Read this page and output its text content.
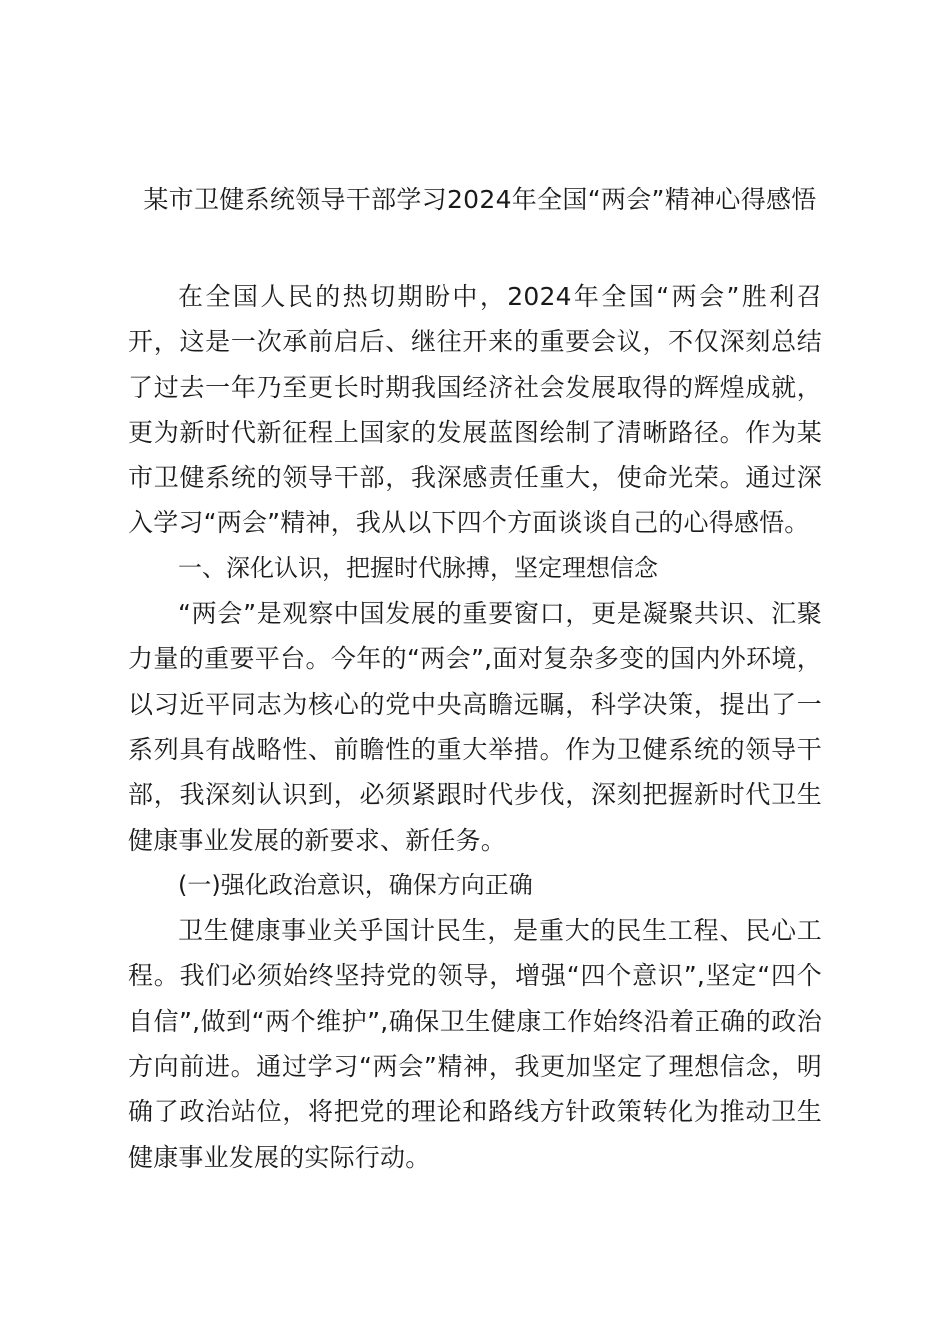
某市卫健系统领导干部学习2024年全国“两会”精神心得感悟

在全国人民的热切期盼中，2024年全国“两会”胜利召开，这是一次承前启后、继往开来的重要会议，不仅深刻总结了过去一年乃至更长时期我国经济社会发展取得的辉煌成就，更为新时代新征程上国家的发展蓝图绘制了清晰路径。作为某市卫健系统的领导干部，我深感责任重大，使命光荣。通过深入学习“两会”精神，我从以下四个方面谈谈自己的心得感悟。

一、深化认识，把握时代脉搏，坚定理想信念

“两会”是观察中国发展的重要窗口，更是凝聚共识、汇聚力量的重要平台。今年的“两会”,面对复杂多变的国内外环境，以习近平同志为核心的党中央高瞻远瞩，科学决策，提出了一系列具有战略性、前瞻性的重大举措。作为卫健系统的领导干部，我深刻认识到，必须紧跟时代步伐，深刻把握新时代卫生健康事业发展的新要求、新任务。

(一)强化政治意识，确保方向正确

卫生健康事业关乎国计民生，是重大的民生工程、民心工程。我们必须始终坚持党的领导，增强“四个意识”,坚定“四个自信”,做到“两个维护”,确保卫生健康工作始终沿着正确的政治方向前进。通过学习“两会”精神，我更加坚定了理想信念，明确了政治站位，将把党的理论和路线方针政策转化为推动卫生健康事业发展的实际行动。
